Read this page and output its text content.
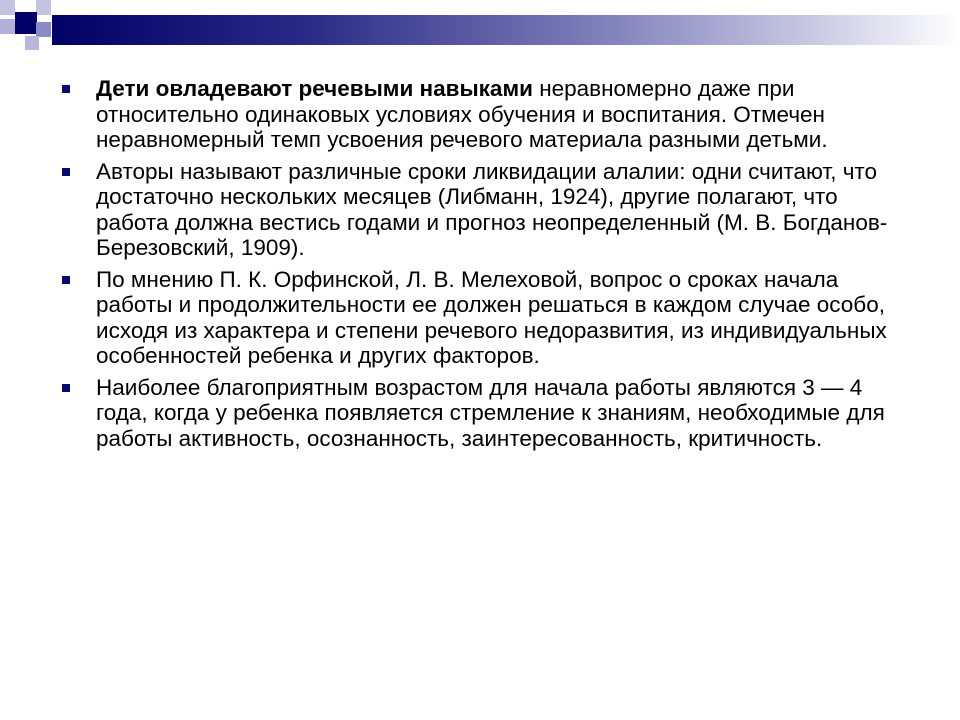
Дети овладевают речевыми навыками неравномерно даже при относительно одинаковых условиях обучения и воспитания. Отмечен неравномерный темп усвоения речевого материала разными детьми.
Авторы называют различные сроки ликвидации алалии: одни считают, что достаточно нескольких месяцев (Либманн, 1924), другие полагают, что работа должна вестись годами и прогноз неопределенный (М. В. Богданов-Березовский, 1909).
По мнению П. К. Орфинской, Л. В. Мелеховой, вопрос о сроках начала работы и продолжительности ее должен решаться в каждом случае особо, исходя из характера и степени речевого недоразвития, из индивидуальных особенностей ребенка и других факторов.
Наиболее благоприятным возрастом для начала работы являются 3 — 4 года, когда у ребенка появляется стремление к знаниям, необходимые для работы активность, осознанность, заинтересованность, критичность.
